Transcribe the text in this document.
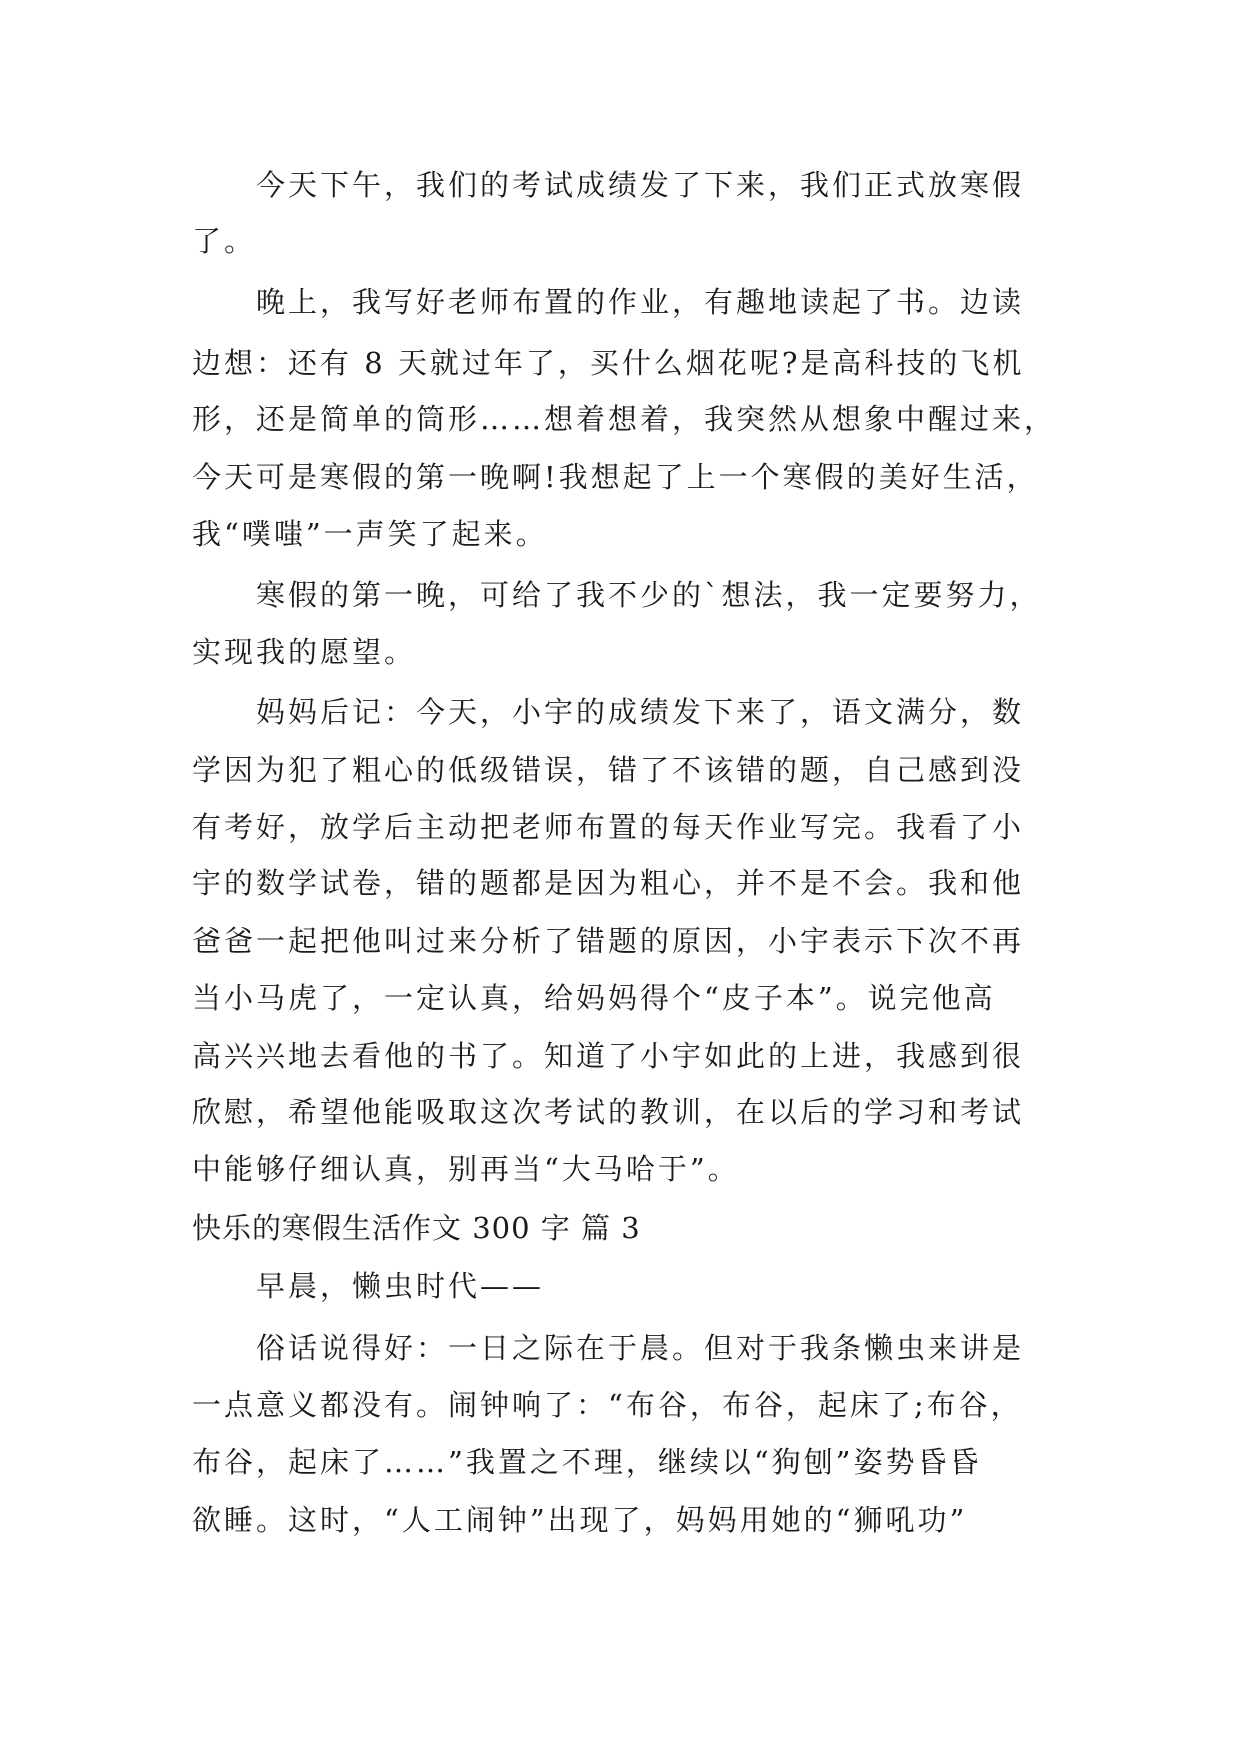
今天下午，我们的考试成绩发了下来，我们正式放寒假
了。
晚上，我写好老师布置的作业，有趣地读起了书。边读
边想：还有 8 天就过年了，买什么烟花呢?是高科技的飞机
形，还是简单的筒形……想着想着，我突然从想象中醒过来，
今天可是寒假的第一晚啊!我想起了上一个寒假的美好生活，
我“噗嗤”一声笑了起来。
寒假的第一晚，可给了我不少的`想法，我一定要努力，
实现我的愿望。
妈妈后记：今天，小宇的成绩发下来了，语文满分，数
学因为犯了粗心的低级错误，错了不该错的题，自己感到没
有考好，放学后主动把老师布置的每天作业写完。我看了小
宇的数学试卷，错的题都是因为粗心，并不是不会。我和他
爸爸一起把他叫过来分析了错题的原因，小宇表示下次不再
当小马虎了，一定认真，给妈妈得个“皮子本”。说完他高
高兴兴地去看他的书了。知道了小宇如此的上进，我感到很
欣慰，希望他能吸取这次考试的教训，在以后的学习和考试
中能够仔细认真，别再当“大马哈于”。
快乐的寒假生活作文 300 字 篇 3
早晨，懒虫时代——
俗话说得好：一日之际在于晨。但对于我条懒虫来讲是
一点意义都没有。闹钟响了：“布谷，布谷，起床了;布谷，
布谷，起床了……”我置之不理，继续以“狗刨”姿势昏昏
欲睡。这时，“人工闹钟”出现了，妈妈用她的“狮吼功”
